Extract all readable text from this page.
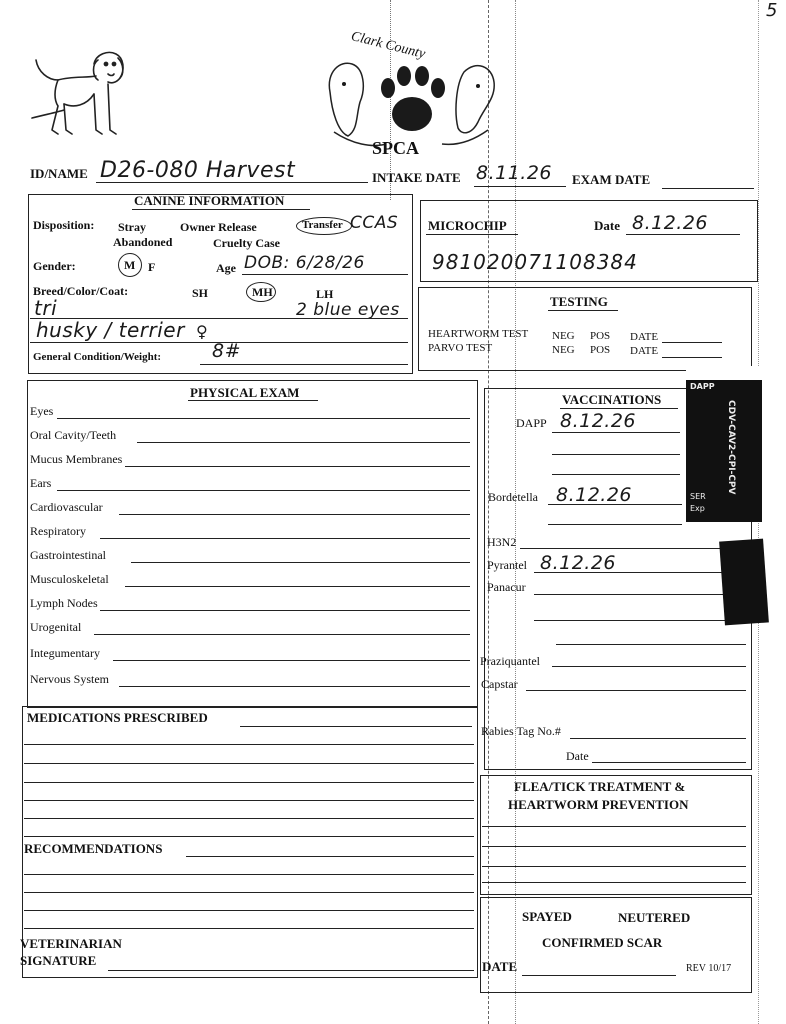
5
Clark County
SPCA
ID/NAME D26-080 Harvest	INTAKE DATE 8.11.26 EXAM DATE
CANINE INFORMATION
Disposition: Stray	Owner Release	Transfer CCAS
Abandoned	Cruelty Case
Gender:	M F	Age DOB: 6/28/26
Breed/Color/Coat:	SH	MH	LH
tri	2 blue eyes
husky / terrier ♀
General Condition/Weight:	8#
MICROCHIP	Date 8.12.26
981020071108384
TESTING
HEARTWORM TEST NEG POS DATE
PARVO TEST	NEG POS DATE
PHYSICAL EXAM
Eyes
Oral Cavity/Teeth
Mucus Membranes
Ears
Cardiovascular
Respiratory
Gastrointestinal
Musculoskeletal
Lymph Nodes
Urogenital
Integumentary
Nervous System
MEDICATIONS PRESCRIBED
RECOMMENDATIONS
VETERINARIAN
SIGNATURE
VACCINATIONS
DAPP 8.12.26
Bordetella 8.12.26
H3N2
Pyrantel 8.12.26
Panacur
Praziquantel
Capstar
Rabies Tag No.#
Date
DAPP
CDV-CAV2-CPI-CPV
SER
Exp
FLEA/TICK TREATMENT &
HEARTWORM PREVENTION
SPAYED	NEUTERED
CONFIRMED SCAR
DATE	REV 10/17
